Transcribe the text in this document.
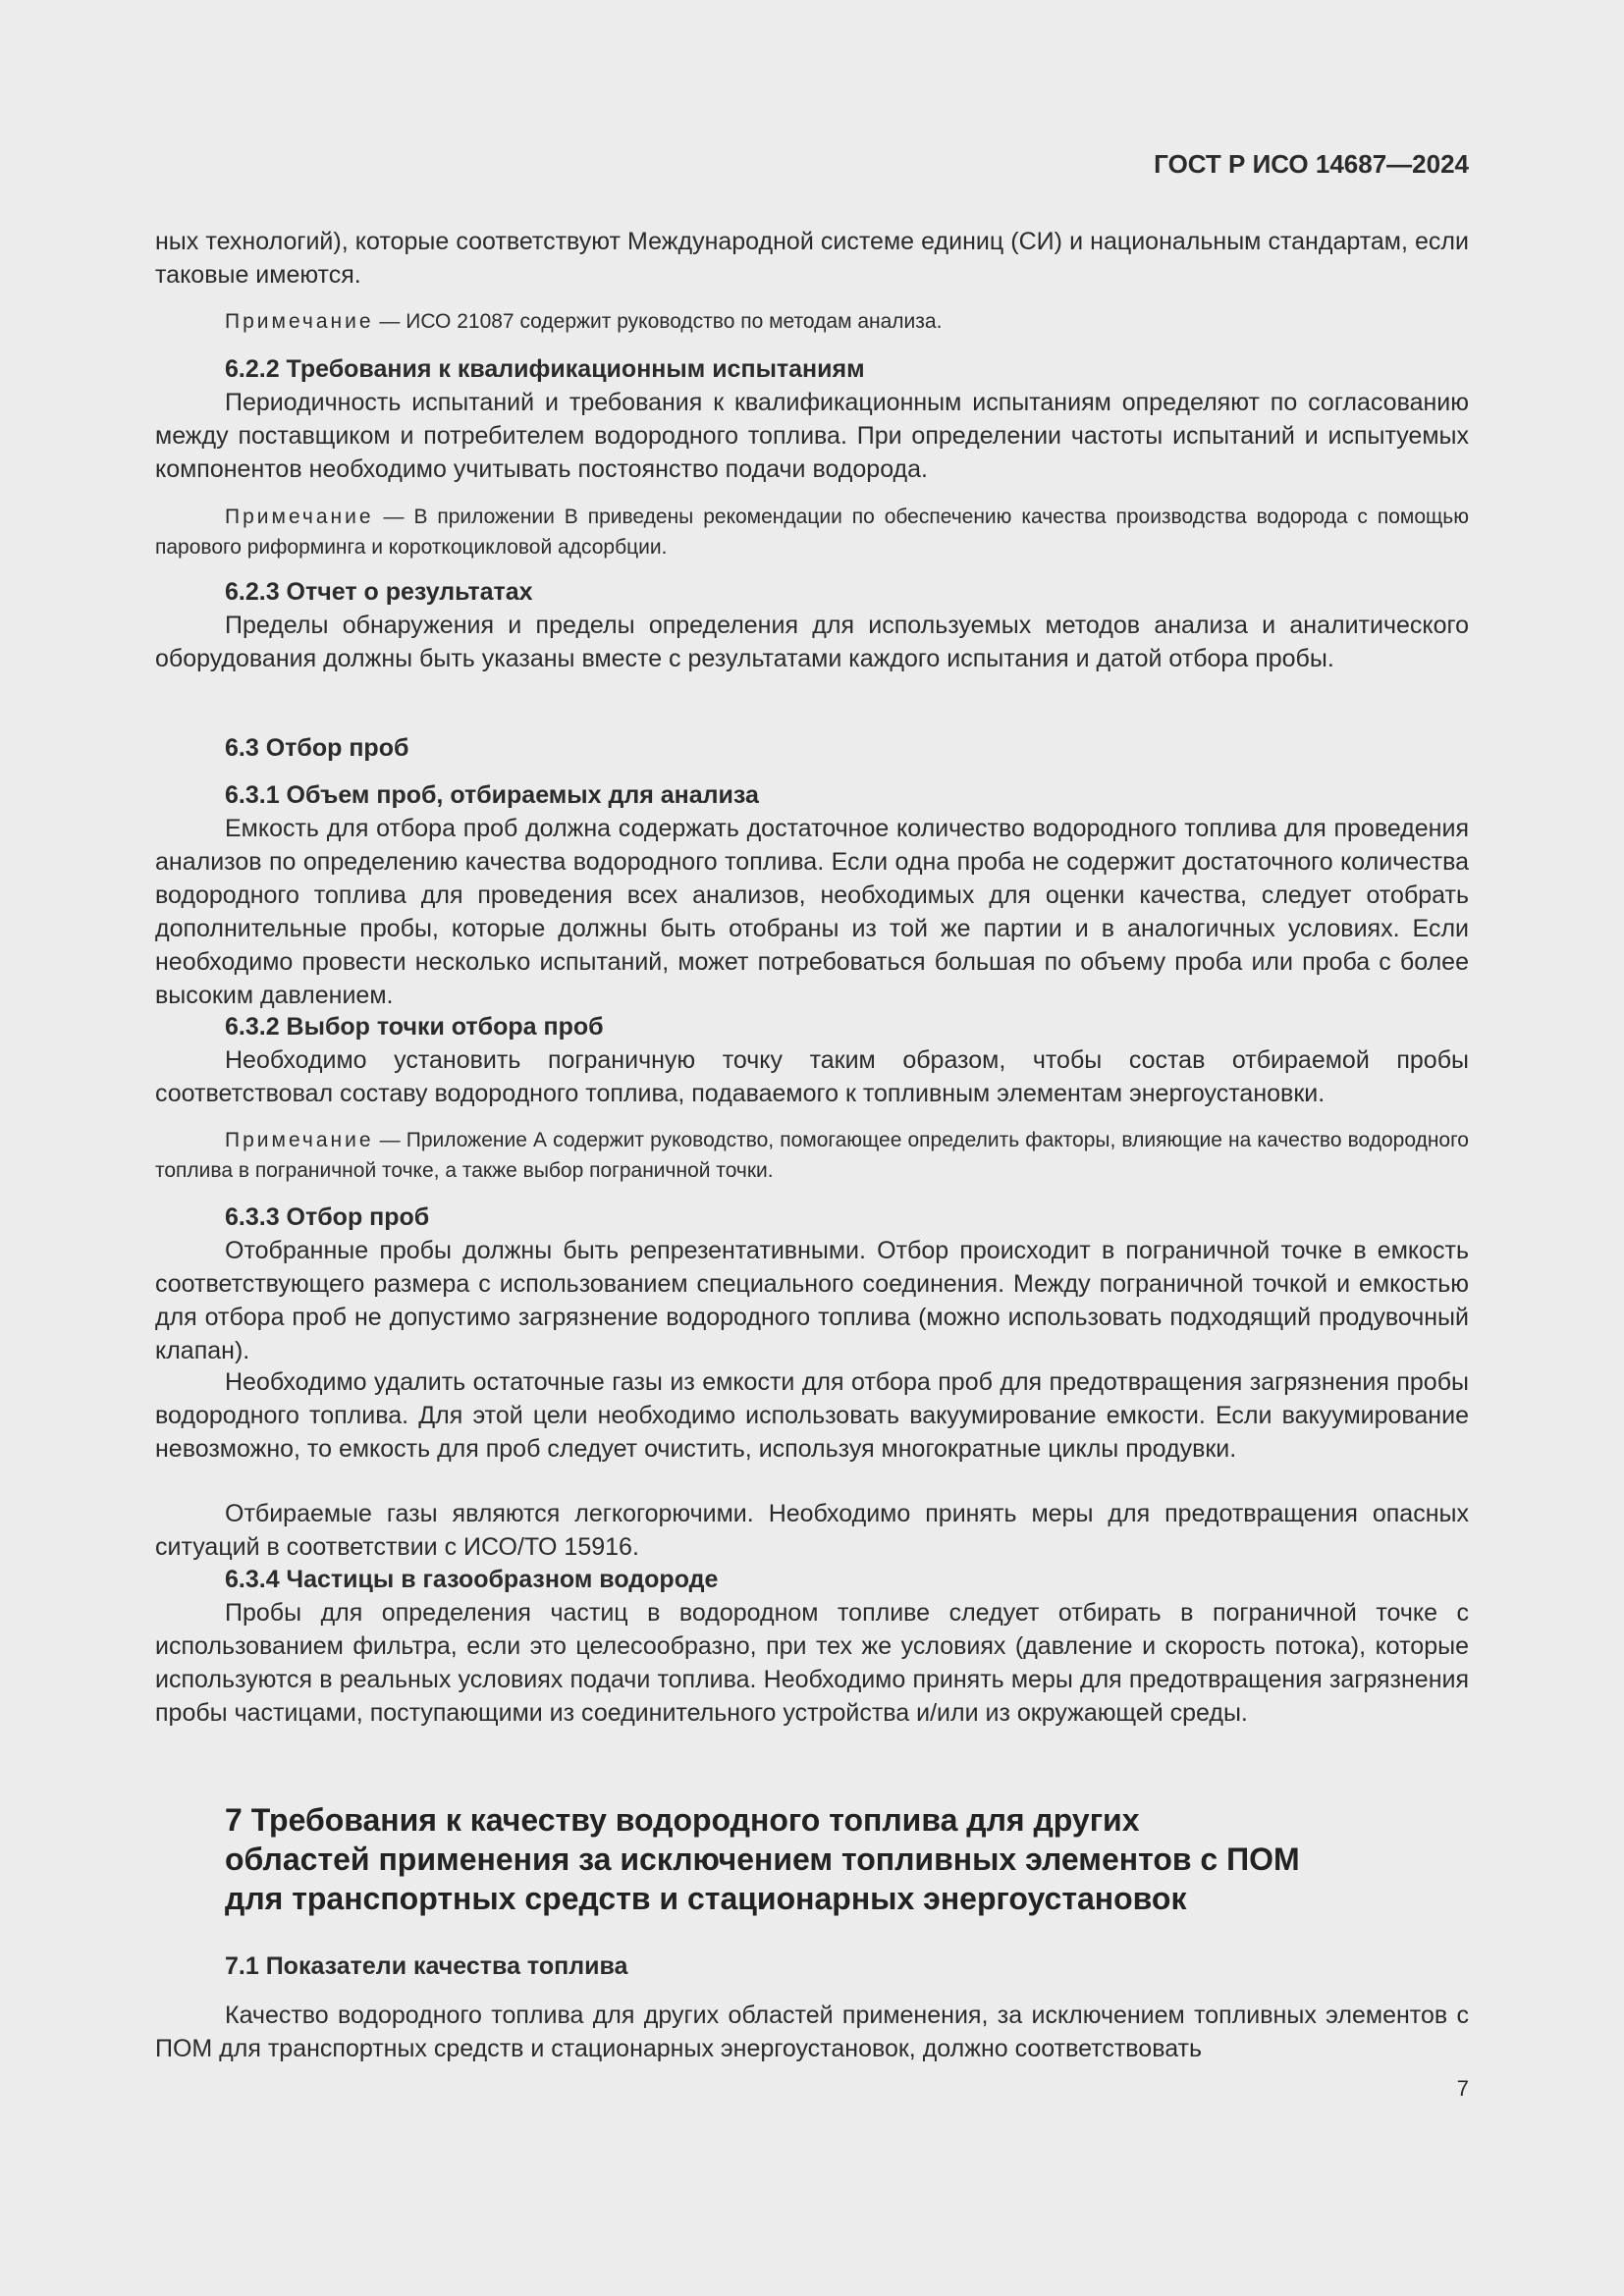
ГОСТ Р ИСО 14687—2024

ных технологий), которые соответствуют Международной системе единиц (СИ) и национальным стандартам, если таковые имеются.

Примечание — ИСО 21087 содержит руководство по методам анализа.

6.2.2 Требования к квалификационным испытаниям

Периодичность испытаний и требования к квалификационным испытаниям определяют по согласованию между поставщиком и потребителем водородного топлива. При определении частоты испытаний и испытуемых компонентов необходимо учитывать постоянство подачи водорода.

Примечание — В приложении В приведены рекомендации по обеспечению качества производства водорода с помощью парового риформинга и короткоцикловой адсорбции.

6.2.3 Отчет о результатах

Пределы обнаружения и пределы определения для используемых методов анализа и аналитического оборудования должны быть указаны вместе с результатами каждого испытания и датой отбора пробы.

6.3 Отбор проб

6.3.1 Объем проб, отбираемых для анализа

Емкость для отбора проб должна содержать достаточное количество водородного топлива для проведения анализов по определению качества водородного топлива. Если одна проба не содержит достаточного количества водородного топлива для проведения всех анализов, необходимых для оценки качества, следует отобрать дополнительные пробы, которые должны быть отобраны из той же партии и в аналогичных условиях. Если необходимо провести несколько испытаний, может потребоваться большая по объему проба или проба с более высоким давлением.

6.3.2 Выбор точки отбора проб

Необходимо установить пограничную точку таким образом, чтобы состав отбираемой пробы соответствовал составу водородного топлива, подаваемого к топливным элементам энергоустановки.

Примечание — Приложение А содержит руководство, помогающее определить факторы, влияющие на качество водородного топлива в пограничной точке, а также выбор пограничной точки.

6.3.3 Отбор проб

Отобранные пробы должны быть репрезентативными. Отбор происходит в пограничной точке в емкость соответствующего размера с использованием специального соединения. Между пограничной точкой и емкостью для отбора проб не допустимо загрязнение водородного топлива (можно использовать подходящий продувочный клапан).

Необходимо удалить остаточные газы из емкости для отбора проб для предотвращения загрязнения пробы водородного топлива. Для этой цели необходимо использовать вакуумирование емкости. Если вакуумирование невозможно, то емкость для проб следует очистить, используя многократные циклы продувки.

Отбираемые газы являются легкогорючими. Необходимо принять меры для предотвращения опасных ситуаций в соответствии с ИСО/ТО 15916.

6.3.4 Частицы в газообразном водороде

Пробы для определения частиц в водородном топливе следует отбирать в пограничной точке с использованием фильтра, если это целесообразно, при тех же условиях (давление и скорость потока), которые используются в реальных условиях подачи топлива. Необходимо принять меры для предотвращения загрязнения пробы частицами, поступающими из соединительного устройства и/или из окружающей среды.

7 Требования к качеству водородного топлива для других

областей применения за исключением топливных элементов с ПОМ

для транспортных средств и стационарных энергоустановок

7.1 Показатели качества топлива

Качество водородного топлива для других областей применения, за исключением топливных элементов с ПОМ для транспортных средств и стационарных энергоустановок, должно соответствовать

7
